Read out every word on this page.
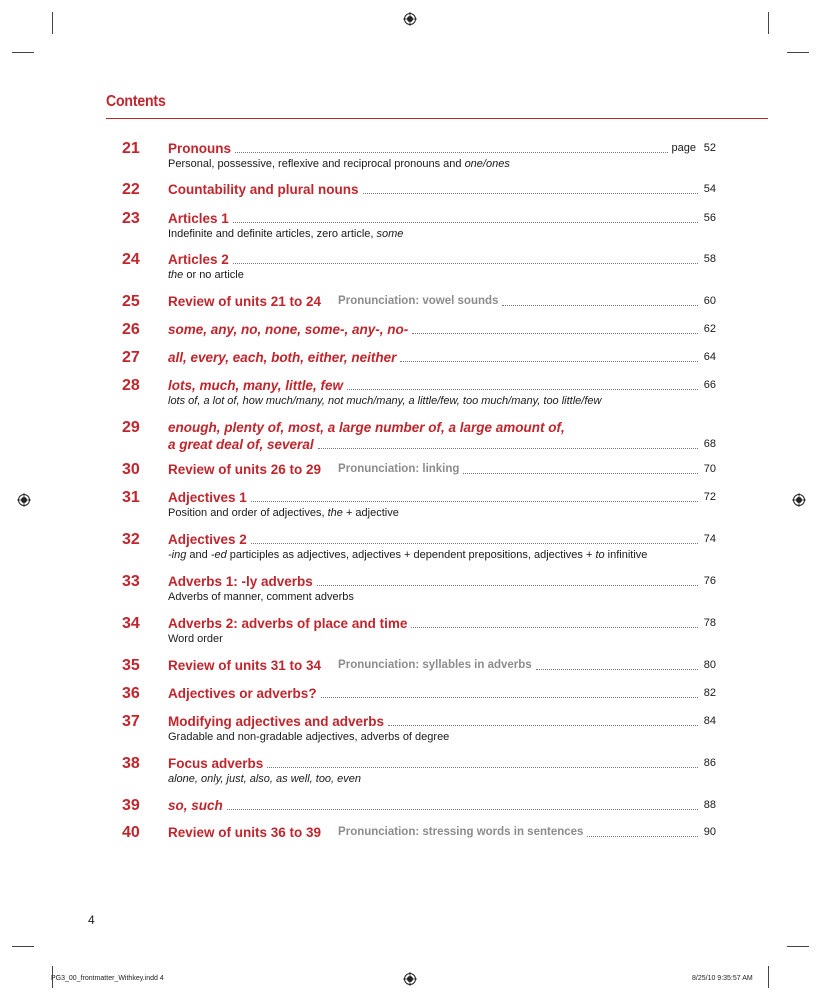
Contents
21	Pronouns	page 52
Personal, possessive, reflexive and reciprocal pronouns and one/ones
22	Countability and plural nouns	54
23	Articles 1	56
Indefinite and definite articles, zero article, some
24	Articles 2	58
the or no article
25	Review of units 21 to 24 Pronunciation: vowel sounds	60
26	some, any, no, none, some-, any-, no-	62
27	all, every, each, both, either, neither	64
28	lots, much, many, little, few	66
lots of, a lot of, how much/many, not much/many, a little/few, too much/many, too little/few
29	enough, plenty of, most, a large number of, a large amount of,
a great deal of, several	68
30	Review of units 26 to 29 Pronunciation: linking	70
31	Adjectives 1	72
Position and order of adjectives, the + adjective
32	Adjectives 2	74
-ing and -ed participles as adjectives, adjectives + dependent prepositions, adjectives + to infinitive
33	Adverbs 1: -ly adverbs	76
Adverbs of manner, comment adverbs
34	Adverbs 2: adverbs of place and time	78
Word order
35	Review of units 31 to 34 Pronunciation: syllables in adverbs	80
36	Adjectives or adverbs?	82
37	Modifying adjectives and adverbs	84
Gradable and non-gradable adjectives, adverbs of degree
38	Focus adverbs	86
alone, only, just, also, as well, too, even
39	so, such	88
40	Review of units 36 to 39 Pronunciation: stressing words in sentences	90
4
PG3_00_frontmatter_Withkey.indd 4	8/25/10 9:35:57 AM
